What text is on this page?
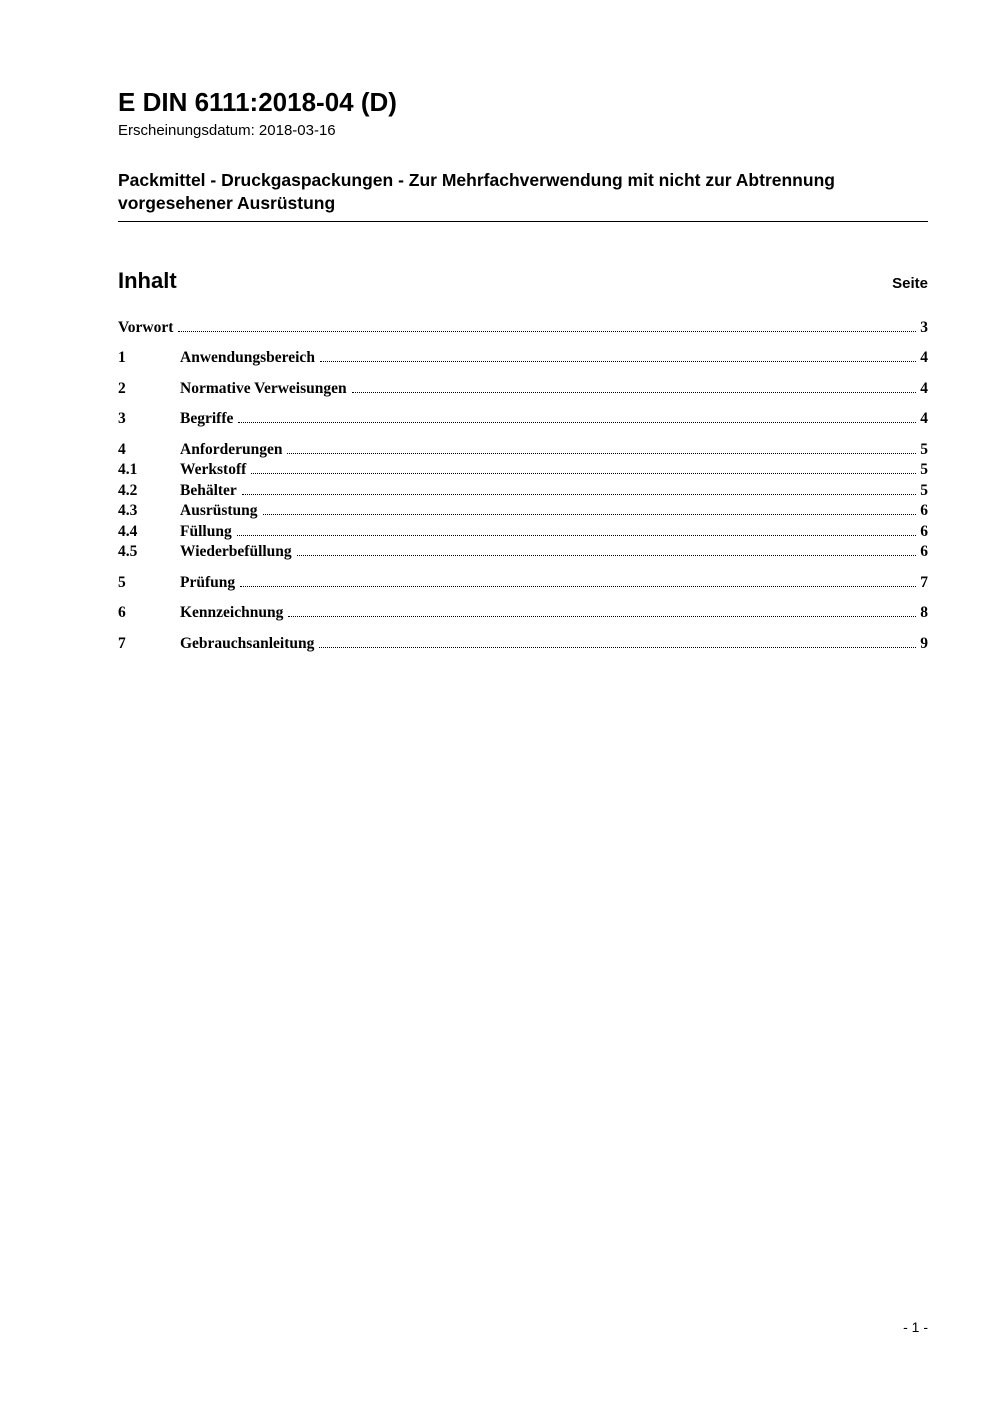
E DIN 6111:2018-04 (D)
Erscheinungsdatum: 2018-03-16
Packmittel - Druckgaspackungen - Zur Mehrfachverwendung mit nicht zur Abtrennung vorgesehener Ausrüstung
Inhalt	Seite
Vorwort	3
1	Anwendungsbereich	4
2	Normative Verweisungen	4
3	Begriffe	4
4	Anforderungen	5
4.1	Werkstoff	5
4.2	Behälter	5
4.3	Ausrüstung	6
4.4	Füllung	6
4.5	Wiederbefüllung	6
5	Prüfung	7
6	Kennzeichnung	8
7	Gebrauchsanleitung	9
- 1 -
